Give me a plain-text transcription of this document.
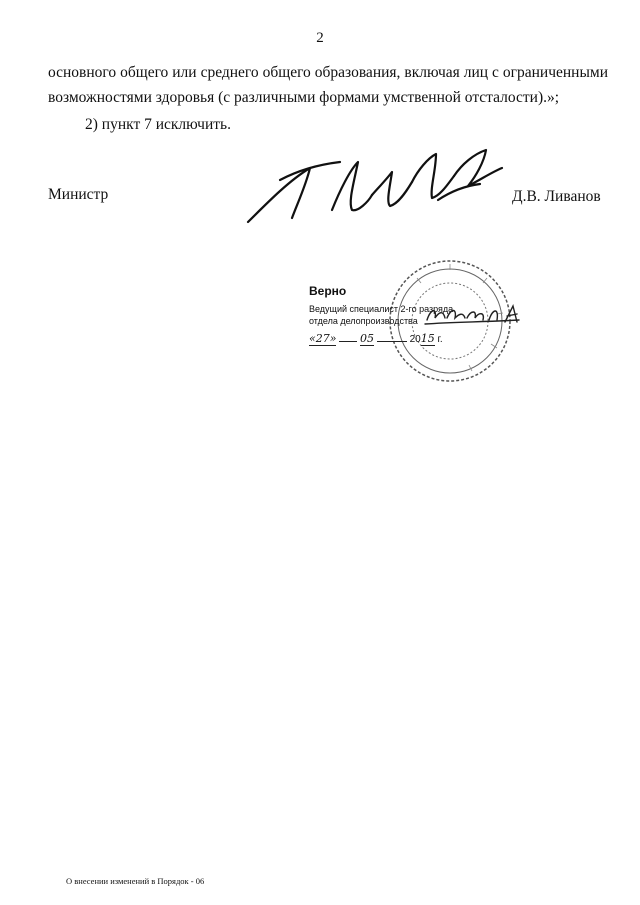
2
основного общего или среднего общего образования, включая лиц с ограниченными
возможностями здоровья (с различными формами умственной отсталости).»;
2) пункт 7 исключить.
Министр	Д.В. Ливанов
Верно
Ведущий специалист 2-го разряда
отдела делопроизводства
«27» 05	2015 г.
О внесении изменений в Порядок - 06
